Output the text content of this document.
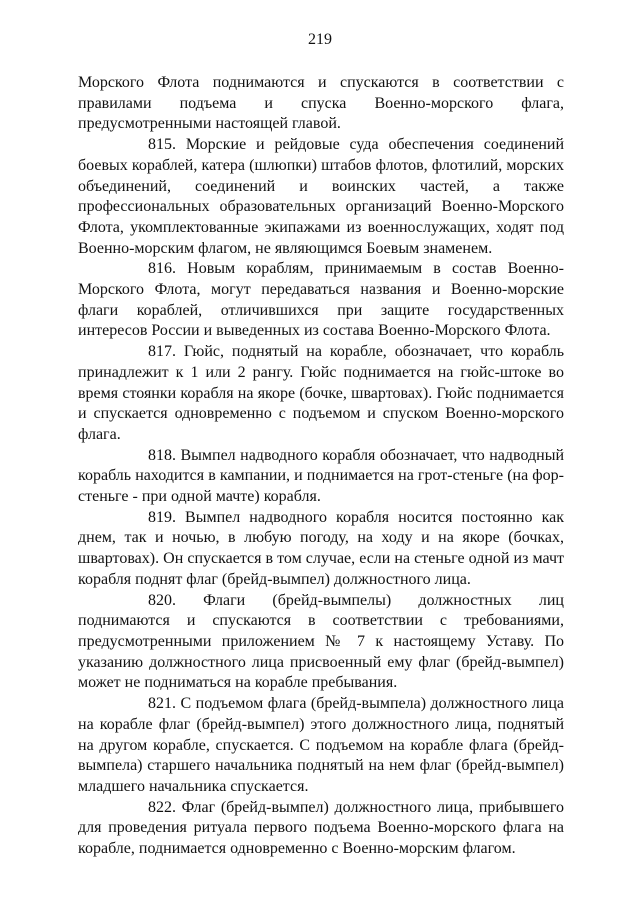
219

Морского Флота поднимаются и спускаются в соответствии с правилами подъема и спуска Военно-морского флага, предусмотренными настоящей главой.

815. Морские и рейдовые суда обеспечения соединений боевых кораблей, катера (шлюпки) штабов флотов, флотилий, морских объединений, соединений и воинских частей, а также профессиональных образовательных организаций Военно-Морского Флота, укомплектованные экипажами из военнослужащих, ходят под Военно-морским флагом, не являющимся Боевым знаменем.

816. Новым кораблям, принимаемым в состав Военно-Морского Флота, могут передаваться названия и Военно-морские флаги кораблей, отличившихся при защите государственных интересов России и выведенных из состава Военно-Морского Флота.

817. Гюйс, поднятый на корабле, обозначает, что корабль принадлежит к 1 или 2 рангу. Гюйс поднимается на гюйс-штоке во время стоянки корабля на якоре (бочке, швартовах). Гюйс поднимается и спускается одновременно с подъемом и спуском Военно-морского флага.

818. Вымпел надводного корабля обозначает, что надводный корабль находится в кампании, и поднимается на грот-стеньге (на фор-стеньге - при одной мачте) корабля.

819. Вымпел надводного корабля носится постоянно как днем, так и ночью, в любую погоду, на ходу и на якоре (бочках, швартовах). Он спускается в том случае, если на стеньге одной из мачт корабля поднят флаг (брейд-вымпел) должностного лица.

820. Флаги (брейд-вымпелы) должностных лиц поднимаются и спускаются в соответствии с требованиями, предусмотренными приложением № 7 к настоящему Уставу. По указанию должностного лица присвоенный ему флаг (брейд-вымпел) может не подниматься на корабле пребывания.

821. С подъемом флага (брейд-вымпела) должностного лица на корабле флаг (брейд-вымпел) этого должностного лица, поднятый на другом корабле, спускается. С подъемом на корабле флага (брейд-вымпела) старшего начальника поднятый на нем флаг (брейд-вымпел) младшего начальника спускается.

822. Флаг (брейд-вымпел) должностного лица, прибывшего для проведения ритуала первого подъема Военно-морского флага на корабле, поднимается одновременно с Военно-морским флагом.
